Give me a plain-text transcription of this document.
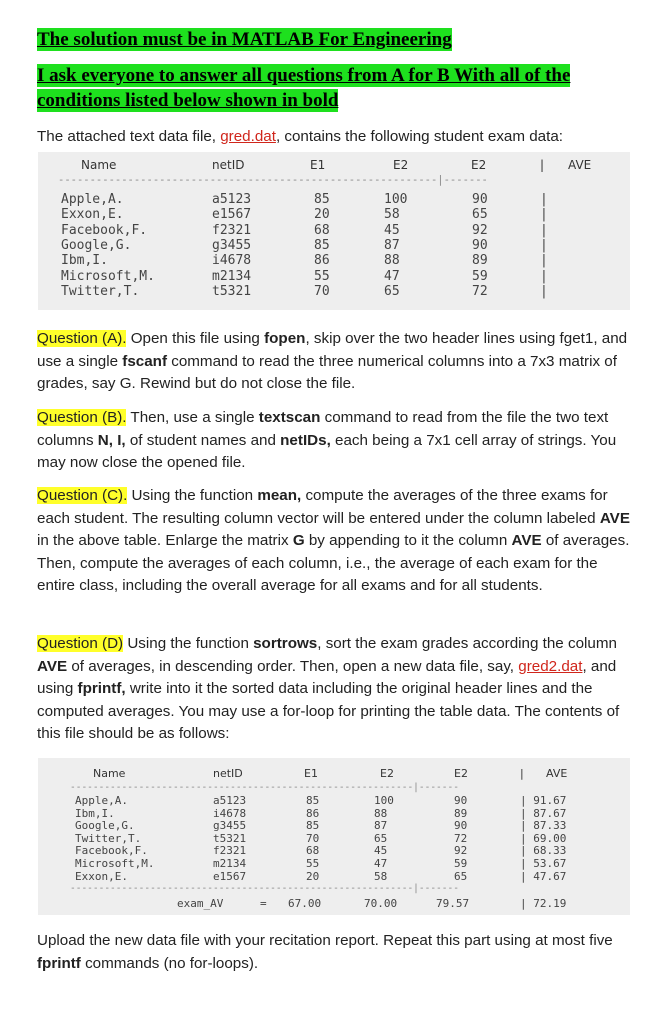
The solution must be in MATLAB For Engineering
I ask everyone to answer all questions from A for B With all of the
conditions listed below shown in bold
The attached text data file, gred.dat, contains the following student exam data:
Name	netID	E1	E2	E2	| AVE
------------------------------------------------------------|-------
Apple,A.	a5123	85	100	90	|
Exxon,E.	e1567	20	58	65	|
Facebook,F.	f2321	68	45	92	|
Google,G.	g3455	85	87	90	|
Ibm,I.	i4678	86	88	89	|
Microsoft,M.	m2134	55	47	59	|
Twitter,T.	t5321	70	65	72	|
Question (A). Open this file using fopen, skip over the two header lines using fget1, and use a single fscanf command to read the three numerical columns into a 7x3 matrix of grades, say G. Rewind but do not close the file.
Question (B). Then, use a single textscan command to read from the file the two text columns N, I, of student names and netIDs, each being a 7x1 cell array of strings. You may now close the opened file.
Question (C). Using the function mean, compute the averages of the three exams for each student. The resulting column vector will be entered under the column labeled AVE in the above table. Enlarge the matrix G by appending to it the column AVE of averages. Then, compute the averages of each column, i.e., the average of each exam for the entire class, including the overall average for all exams and for all students.
Question (D) Using the function sortrows, sort the exam grades according the column AVE of averages, in descending order. Then, open a new data file, say, gred2.dat, and using fprintf, write into it the sorted data including the original header lines and the computed averages. You may use a for-loop for printing the table data. The contents of this file should be as follows:
Name	netID	E1	E2	E2	| AVE
------------------------------------------------------------|-------
Apple,A.	a5123	85	100	90	| 91.67
Ibm,I.	i4678	86	88	89	| 87.67
Google,G.	g3455	85	87	90	| 87.33
Twitter,T.	t5321	70	65	72	| 69.00
Facebook,F.	f2321	68	45	92	| 68.33
Microsoft,M.	m2134	55	47	59	| 53.67
Exxon,E.	e1567	20	58	65	| 47.67
------------------------------------------------------------|-------
exam_AV	= 67.00	70.00	79.57	| 72.19
Upload the new data file with your recitation report. Repeat this part using at most five fprintf commands (no for-loops).
